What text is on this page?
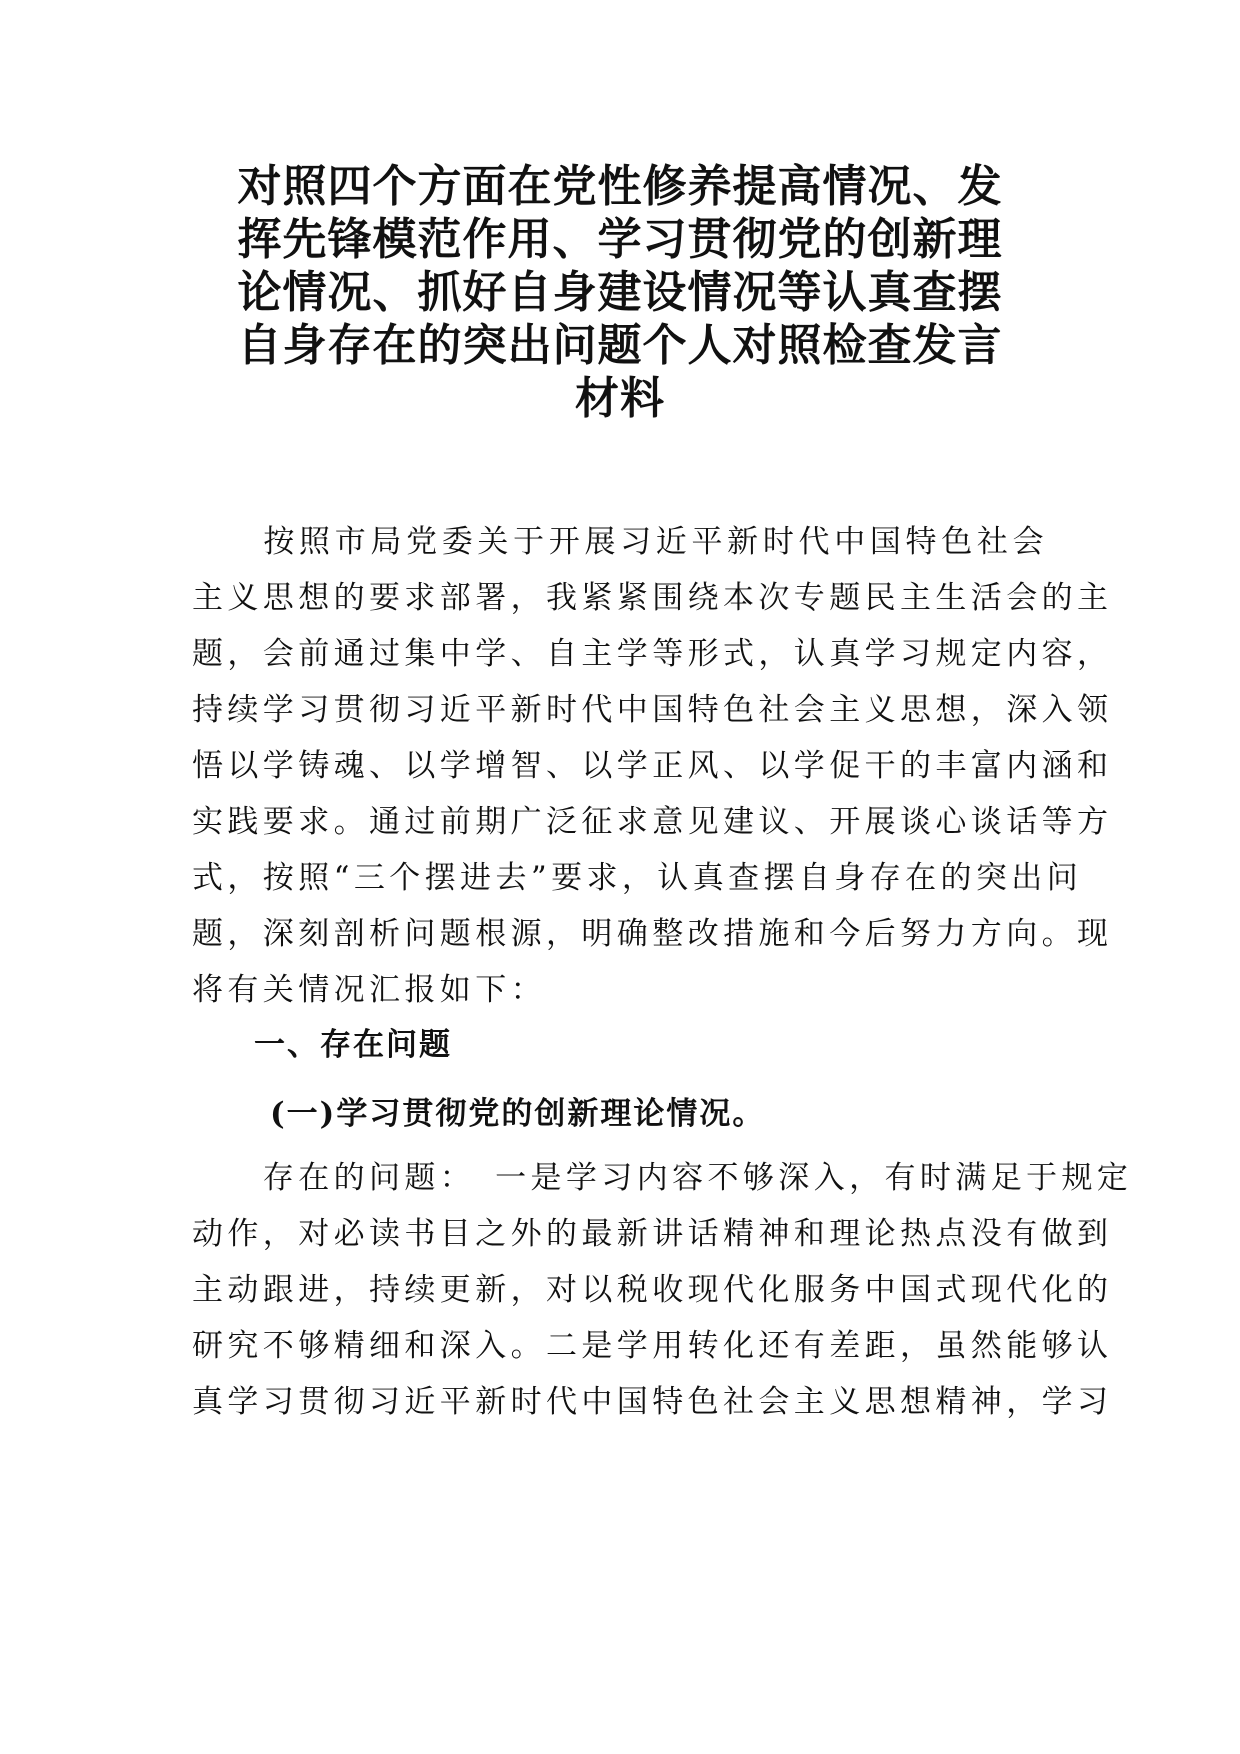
对照四个方面在党性修养提高情况、发
挥先锋模范作用、学习贯彻党的创新理
论情况、抓好自身建设情况等认真查摆
自身存在的突出问题个人对照检查发言
材料

　　按照市局党委关于开展习近平新时代中国特色社会
主义思想的要求部署，我紧紧围绕本次专题民主生活会的主
题，会前通过集中学、自主学等形式，认真学习规定内容，
持续学习贯彻习近平新时代中国特色社会主义思想，深入领
悟以学铸魂、以学增智、以学正风、以学促干的丰富内涵和
实践要求。通过前期广泛征求意见建议、开展谈心谈话等方
式，按照“三个摆进去”要求，认真查摆自身存在的突出问
题，深刻剖析问题根源，明确整改措施和今后努力方向。现
将有关情况汇报如下：

一、存在问题
(一)学习贯彻党的创新理论情况。

　　存在的问题：　一是学习内容不够深入，有时满足于规定
动作，对必读书目之外的最新讲话精神和理论热点没有做到
主动跟进，持续更新，对以税收现代化服务中国式现代化的
研究不够精细和深入。二是学用转化还有差距，虽然能够认
真学习贯彻习近平新时代中国特色社会主义思想精神，学习
